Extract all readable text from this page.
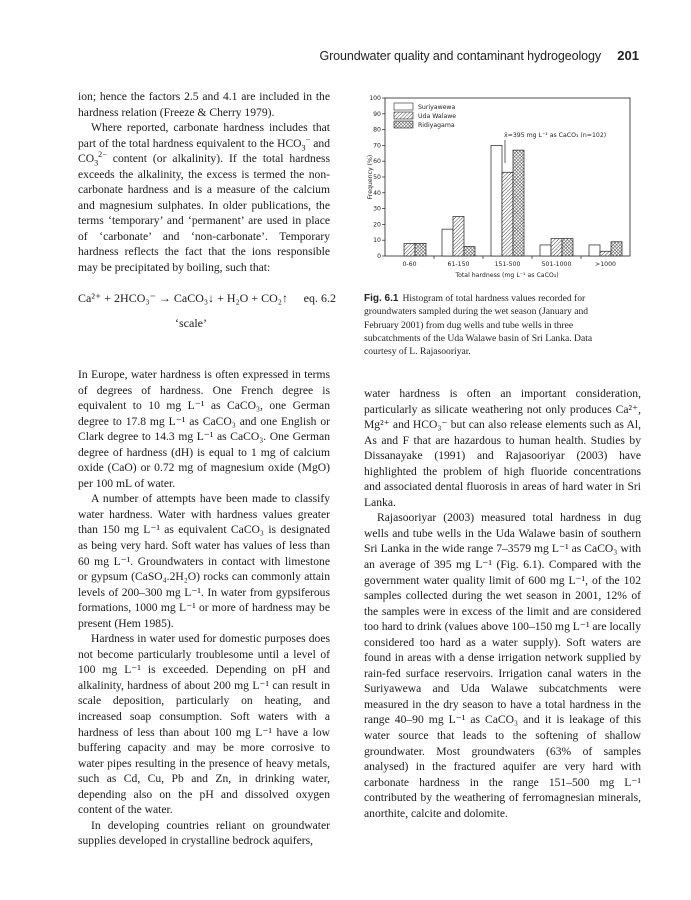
Groundwater quality and contaminant hydrogeology 201

ion; hence the factors 2.5 and 4.1 are included in the hardness relation (Freeze & Cherry 1979).

Where reported, carbonate hardness includes that part of the total hardness equivalent to the $HCO_3^-$ and $CO_3^{2-}$ content (or alkalinity). If the total hardness exceeds the alkalinity, the excess is termed the non-carbonate hardness and is a measure of the calcium and magnesium sulphates. In older publications, the terms ‘temporary’ and ‘permanent’ are used in place of ‘carbonate’ and ‘non-carbonate’. Temporary hardness reflects the fact that the ions responsible may be precipitated by boiling, such that:

Ca²⁺ + 2HCO₃⁻ → CaCO₃↓ + H₂O + CO₂↑ eq. 6.2
‘scale’

In Europe, water hardness is often expressed in terms of degrees of hardness. One French degree is equivalent to 10 mg L⁻¹ as CaCO₃, one German degree to 17.8 mg L⁻¹ as CaCO₃ and one English or Clark degree to 14.3 mg L⁻¹ as CaCO₃. One German degree of hardness (dH) is equal to 1 mg of calcium oxide (CaO) or 0.72 mg of magnesium oxide (MgO) per 100 mL of water.

A number of attempts have been made to classify water hardness. Water with hardness values greater than 150 mg L⁻¹ as equivalent CaCO₃ is designated as being very hard. Soft water has values of less than 60 mg L⁻¹. Groundwaters in contact with limestone or gypsum (CaSO₄.2H₂O) rocks can commonly attain levels of 200–300 mg L⁻¹. In water from gypsiferous formations, 1000 mg L⁻¹ or more of hardness may be present (Hem 1985).

Hardness in water used for domestic purposes does not become particularly troublesome until a level of 100 mg L⁻¹ is exceeded. Depending on pH and alkalinity, hardness of about 200 mg L⁻¹ can result in scale deposition, particularly on heating, and increased soap consumption. Soft waters with a hardness of less than about 100 mg L⁻¹ have a low buffering capacity and may be more corrosive to water pipes resulting in the presence of heavy metals, such as Cd, Cu, Pb and Zn, in drinking water, depending also on the pH and dissolved oxygen content of the water.

In developing countries reliant on groundwater supplies developed in crystalline bedrock aquifers,

0
10
20
30
40
50
60
70
80
90
100
0-60	61-150	151-500	501-1000	>1000
Suriyawewa
Uda Walawe
Ridiyagama
x̄=395 mg L⁻¹ as CaCO₃ (n=102)
Total hardness (mg L⁻¹ as CaCO₃)
Frequency (%)
Fig. 6.1 Histogram of total hardness values recorded for groundwaters sampled during the wet season (January and February 2001) from dug wells and tube wells in three subcatchments of the Uda Walawe basin of Sri Lanka. Data courtesy of L. Rajasooriyar.

water hardness is often an important consideration, particularly as silicate weathering not only produces Ca²⁺, Mg²⁺ and HCO₃⁻ but can also release elements such as Al, As and F that are hazardous to human health. Studies by Dissanayake (1991) and Rajasooriyar (2003) have highlighted the problem of high fluoride concentrations and associated dental fluorosis in areas of hard water in Sri Lanka.

Rajasooriyar (2003) measured total hardness in dug wells and tube wells in the Uda Walawe basin of southern Sri Lanka in the wide range 7–3579 mg L⁻¹ as CaCO₃ with an average of 395 mg L⁻¹ (Fig. 6.1). Compared with the government water quality limit of 600 mg L⁻¹, of the 102 samples collected during the wet season in 2001, 12% of the samples were in excess of the limit and are considered too hard to drink (values above 100–150 mg L⁻¹ are locally considered too hard as a water supply). Soft waters are found in areas with a dense irrigation network supplied by rain-fed surface reservoirs. Irrigation canal waters in the Suriyawewa and Uda Walawe subcatchments were measured in the dry season to have a total hardness in the range 40–90 mg L⁻¹ as CaCO₃ and it is leakage of this water source that leads to the softening of shallow groundwater. Most groundwaters (63% of samples analysed) in the fractured aquifer are very hard with carbonate hardness in the range 151–500 mg L⁻¹ contributed by the weathering of ferromagnesian minerals, anorthite, calcite and dolomite.
